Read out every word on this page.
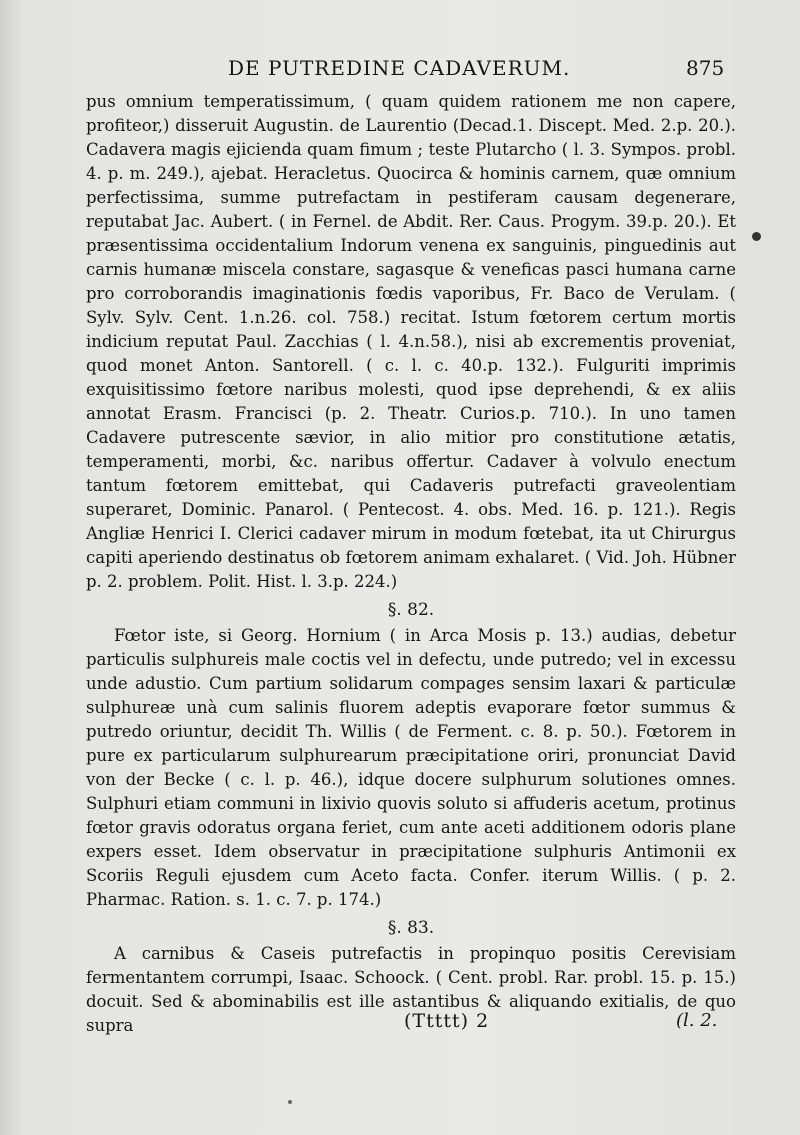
DE PUTREDINE CADAVERUM.	875

pus omnium temperatissimum, ( quam quidem rationem me non capere, profiteor,) disseruit Augustin. de Laurentio (Decad.1. Discept. Med. 2.p. 20.). Cadavera magis ejicienda quam fimum ; teste Plutarcho ( l. 3. Sympos. probl. 4. p. m. 249.), ajebat. Heracletus. Quocirca & hominis carnem, quæ omnium perfectissima, summe putrefactam in pestiferam causam degenerare, reputabat Jac. Aubert. ( in Fernel. de Abdit. Rer. Caus. Progym. 39.p. 20.). Et præsentissima occidentalium Indorum venena ex sanguinis, pinguedinis aut carnis humanæ miscela constare, sagasque & veneficas pasci humana carne pro corroborandis imaginationis fœdis vaporibus, Fr. Baco de Verulam. ( Sylv. Sylv. Cent. 1.n.26. col. 758.) recitat. Istum fœtorem certum mortis indicium reputat Paul. Zacchias ( l. 4.n.58.), nisi ab excrementis proveniat, quod monet Anton. Santorell. ( c. l. c. 40.p. 132.). Fulguriti imprimis exquisitissimo fœtore naribus molesti, quod ipse deprehendi, & ex aliis annotat Erasm. Francisci (p. 2. Theatr. Curios.p. 710.). In uno tamen Cadavere putrescente sævior, in alio mitior pro constitutione ætatis, temperamenti, morbi, &c. naribus offertur. Cadaver à volvulo enectum tantum fœtorem emittebat, qui Cadaveris putrefacti graveolentiam superaret, Dominic. Panarol. ( Pentecost. 4. obs. Med. 16. p. 121.). Regis Angliæ Henrici I. Clerici cadaver mirum in modum fœtebat, ita ut Chirurgus capiti aperiendo destinatus ob fœtorem animam exhalaret. ( Vid. Joh. Hübner p. 2. problem. Polit. Hist. l. 3.p. 224.)

§. 82.

Fœtor iste, si Georg. Hornium ( in Arca Mosis p. 13.) audias, debetur particulis sulphureis male coctis vel in defectu, unde putredo; vel in excessu unde adustio. Cum partium solidarum compages sensim laxari & particulæ sulphureæ unà cum salinis fluorem adeptis evaporare fœtor summus & putredo oriuntur, decidit Th. Willis ( de Ferment. c. 8. p. 50.). Fœtorem in pure ex particularum sulphurearum præcipitatione oriri, pronunciat David von der Becke ( c. l. p. 46.), idque docere sulphurum solutiones omnes. Sulphuri etiam communi in lixivio quovis soluto si affuderis acetum, protinus fœtor gravis odoratus organa feriet, cum ante aceti additionem odoris plane expers esset. Idem observatur in præcipitatione sulphuris Antimonii ex Scoriis Reguli ejusdem cum Aceto facta. Confer. iterum Willis. ( p. 2. Pharmac. Ration. s. 1. c. 7. p. 174.)

§. 83.

A carnibus & Caseis putrefactis in propinquo positis Cerevisiam fermentantem corrumpi, Isaac. Schoock. ( Cent. probl. Rar. probl. 15. p. 15.) docuit. Sed & abominabilis est ille astantibus & aliquando exitialis, de quo supra	(Ttttt) 2	(l. 2.
